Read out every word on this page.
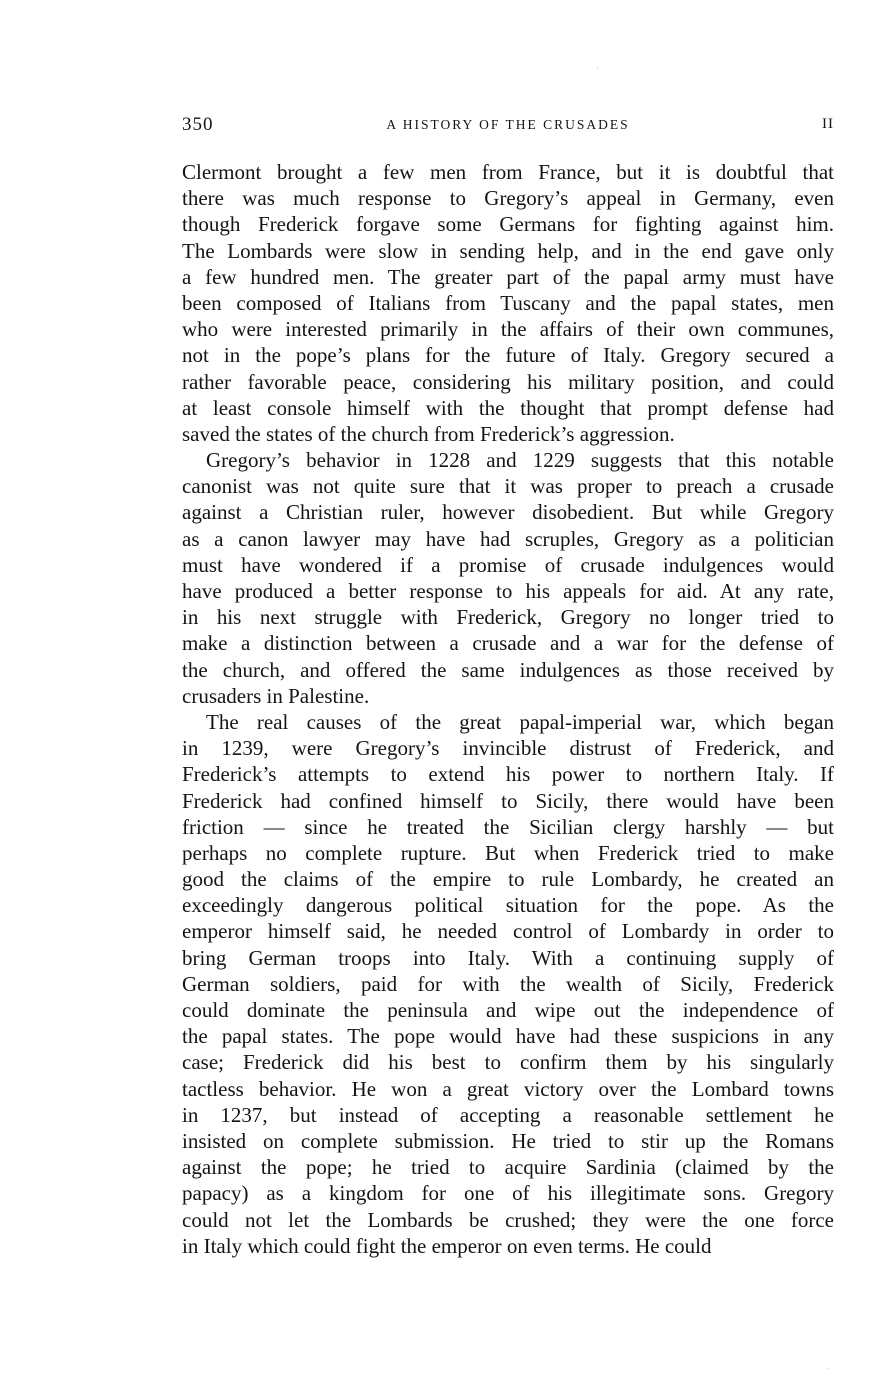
350	A HISTORY OF THE CRUSADES	II
Clermont brought a few men from France, but it is doubtful that
there was much response to Gregory’s appeal in Germany, even
though Frederick forgave some Germans for fighting against him.
The Lombards were slow in sending help, and in the end gave only
a few hundred men. The greater part of the papal army must have
been composed of Italians from Tuscany and the papal states, men
who were interested primarily in the affairs of their own communes,
not in the pope’s plans for the future of Italy. Gregory secured a
rather favorable peace, considering his military position, and could
at least console himself with the thought that prompt defense had
saved the states of the church from Frederick’s aggression.
Gregory’s behavior in 1228 and 1229 suggests that this notable
canonist was not quite sure that it was proper to preach a crusade
against a Christian ruler, however disobedient. But while Gregory
as a canon lawyer may have had scruples, Gregory as a politician
must have wondered if a promise of crusade indulgences would
have produced a better response to his appeals for aid. At any rate,
in his next struggle with Frederick, Gregory no longer tried to
make a distinction between a crusade and a war for the defense of
the church, and offered the same indulgences as those received by
crusaders in Palestine.
The real causes of the great papal-imperial war, which began
in 1239, were Gregory’s invincible distrust of Frederick, and
Frederick’s attempts to extend his power to northern Italy. If
Frederick had confined himself to Sicily, there would have been
friction — since he treated the Sicilian clergy harshly — but
perhaps no complete rupture. But when Frederick tried to make
good the claims of the empire to rule Lombardy, he created an
exceedingly dangerous political situation for the pope. As the
emperor himself said, he needed control of Lombardy in order to
bring German troops into Italy. With a continuing supply of
German soldiers, paid for with the wealth of Sicily, Frederick
could dominate the peninsula and wipe out the independence of
the papal states. The pope would have had these suspicions in any
case; Frederick did his best to confirm them by his singularly
tactless behavior. He won a great victory over the Lombard towns
in 1237, but instead of accepting a reasonable settlement he
insisted on complete submission. He tried to stir up the Romans
against the pope; he tried to acquire Sardinia (claimed by the
papacy) as a kingdom for one of his illegitimate sons. Gregory
could not let the Lombards be crushed; they were the one force
in Italy which could fight the emperor on even terms. He could
·
·
